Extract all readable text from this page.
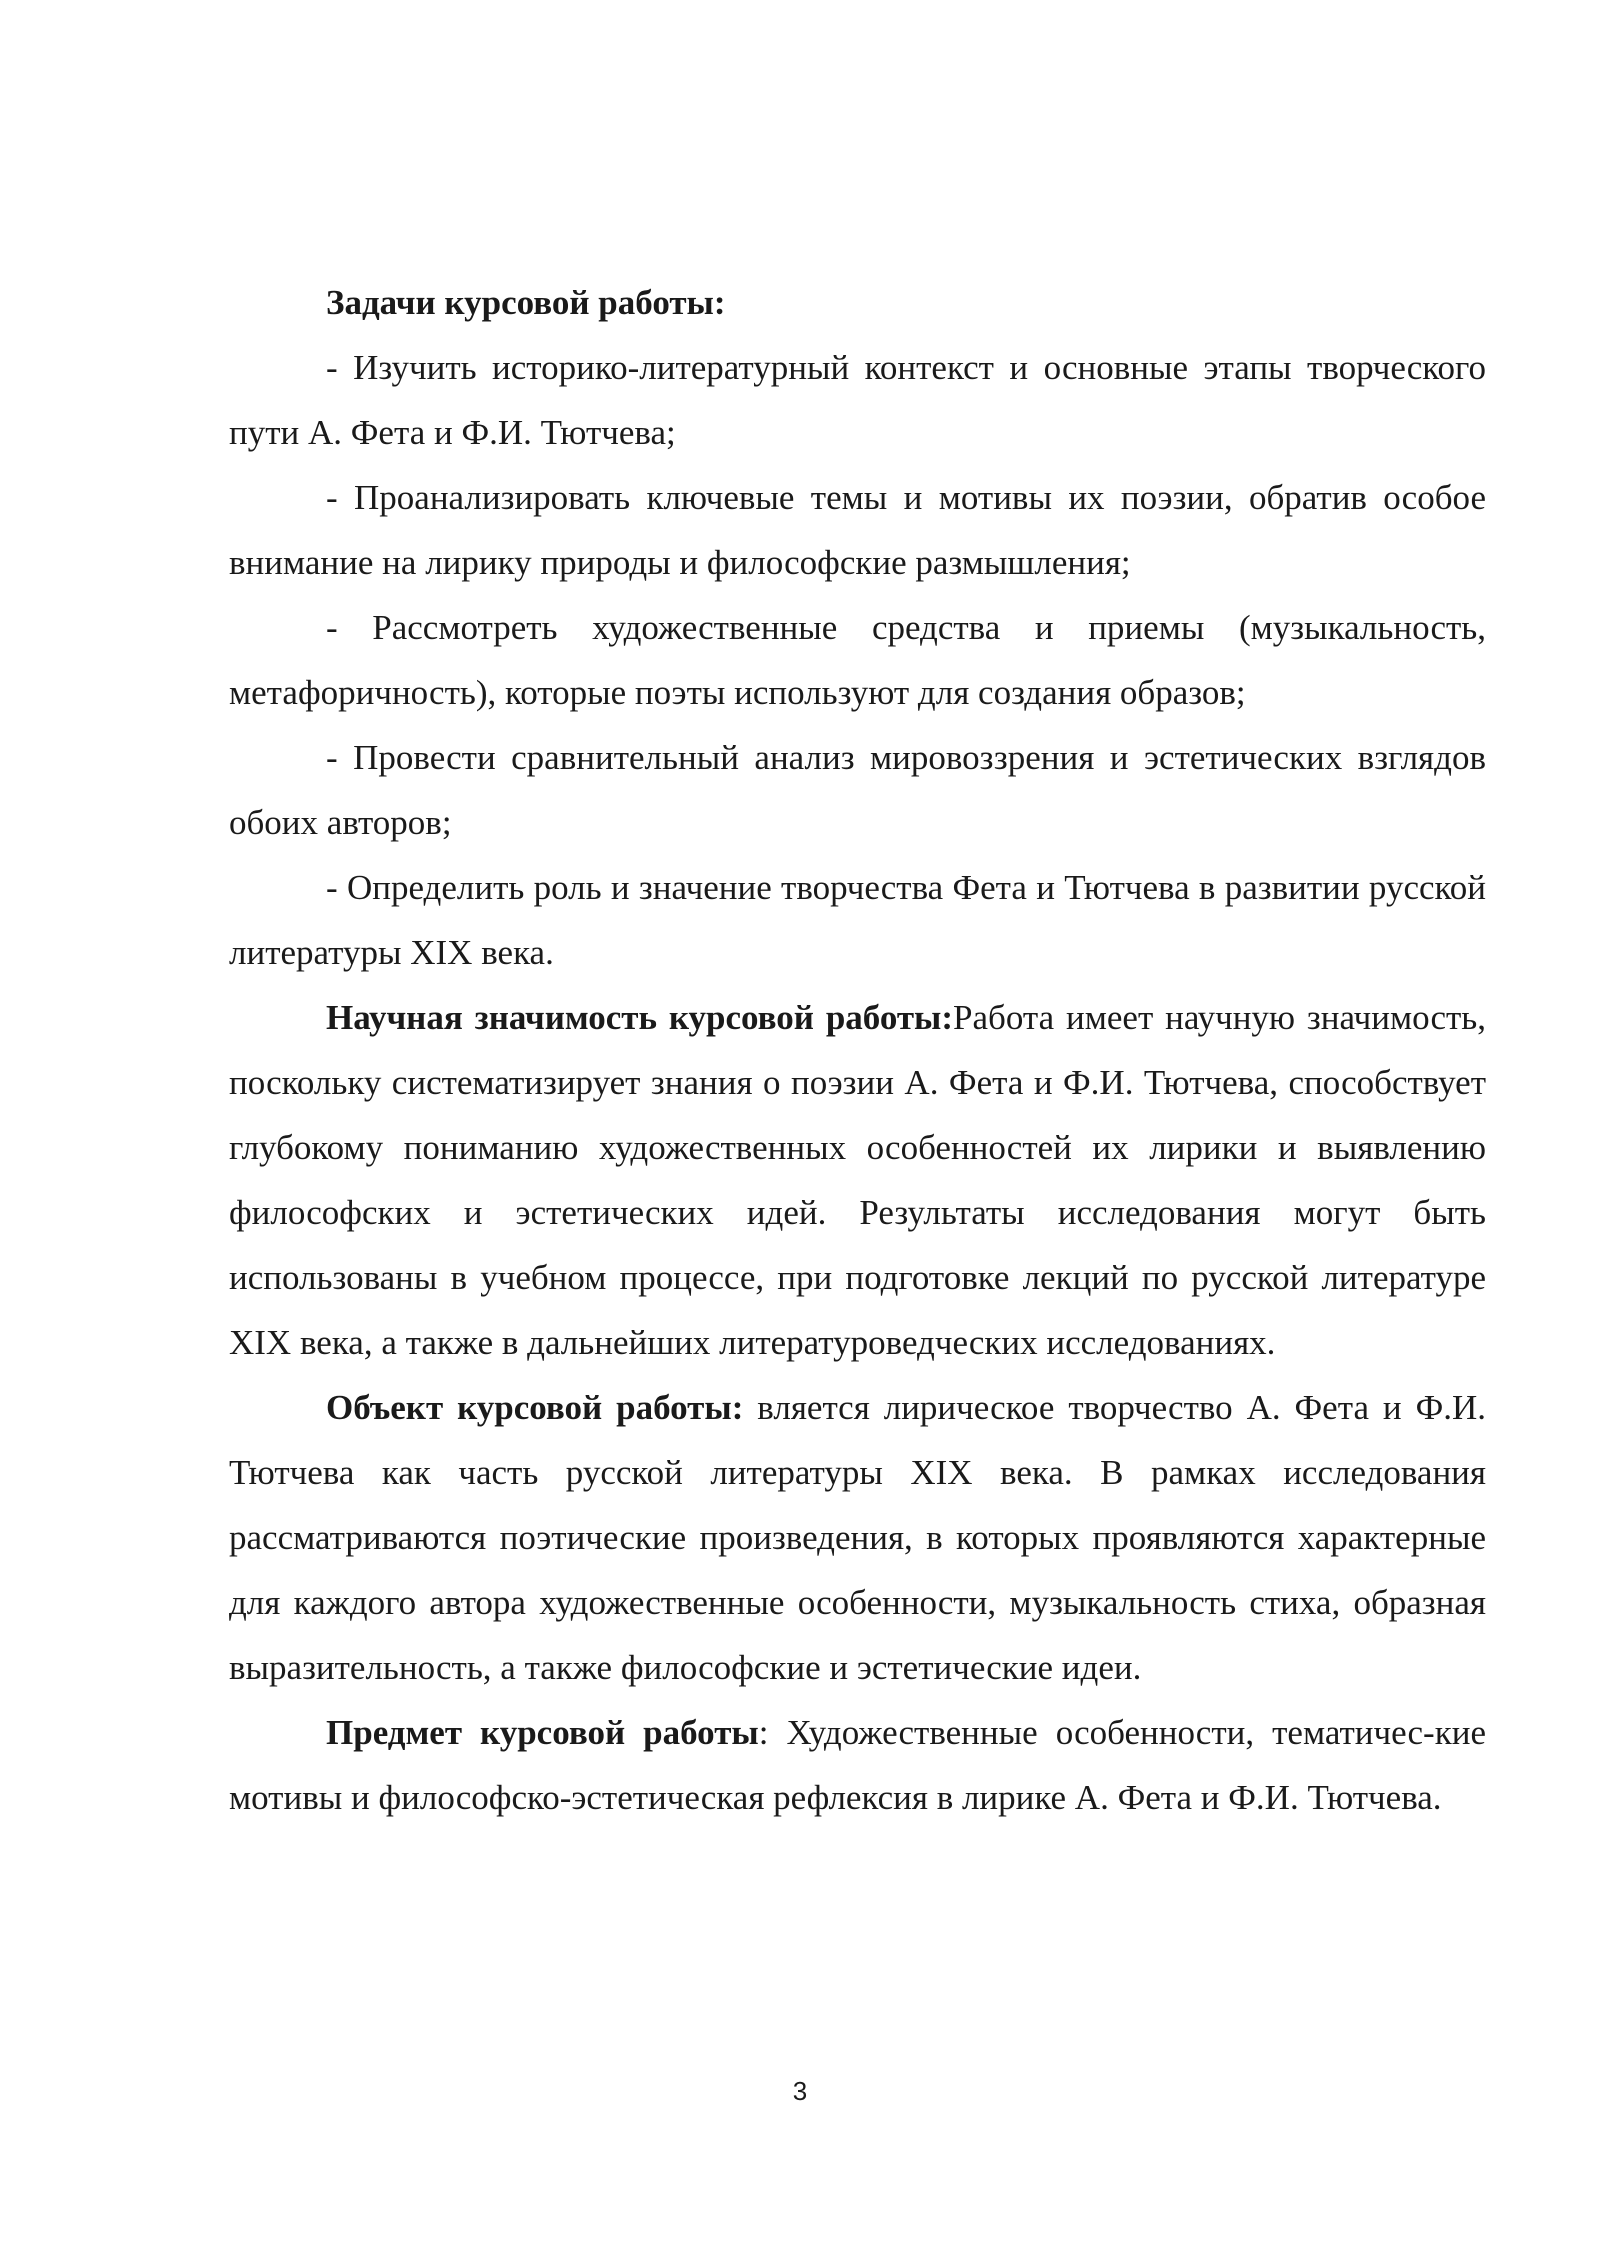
Задачи курсовой работы:

- Изучить историко-литературный контекст и основные этапы творческого пути А. Фета и Ф.И. Тютчева;

- Проанализировать ключевые темы и мотивы их поэзии, обратив особое внимание на лирику природы и философские размышления;

- Рассмотреть художественные средства и приемы (музыкальность, метафоричность), которые поэты используют для создания образов;

- Провести сравнительный анализ мировоззрения и эстетических взглядов обоих авторов;

- Определить роль и значение творчества Фета и Тютчева в развитии русской литературы XIX века.

Научная значимость курсовой работы:Работа имеет научную значимость, поскольку систематизирует знания о поэзии А. Фета и Ф.И. Тютчева, способствует глубокому пониманию художественных особенностей их лирики и выявлению философских и эстетических идей. Результаты исследования могут быть использованы в учебном процессе, при подготовке лекций по русской литературе XIX века, а также в дальнейших литературоведческих исследованиях.

Объект курсовой работы: вляется лирическое творчество А. Фета и Ф.И. Тютчева как часть русской литературы XIX века. В рамках исследования рассматриваются поэтические произведения, в которых проявляются характерные для каждого автора художественные особенности, музыкальность стиха, образная выразительность, а также философские и эстетические идеи.

Предмет курсовой работы: Художественные особенности, тематичес-кие мотивы и философско-эстетическая рефлексия в лирике А. Фета и Ф.И. Тютчева.

3
